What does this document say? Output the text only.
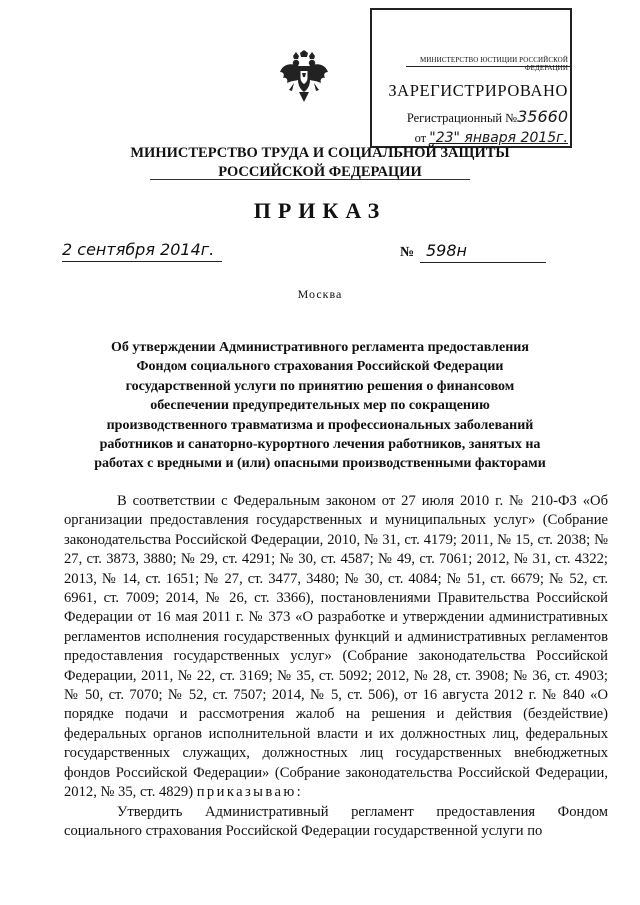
МИНИСТЕРСТВО ЮСТИЦИИ РОССИЙСКОЙ ФЕДЕРАЦИИ
ЗАРЕГИСТРИРОВАНО
Регистрационный №35660
от "23" января 2015г.
МИНИСТЕРСТВО ТРУДА И СОЦИАЛЬНОЙ ЗАЩИТЫ
РОССИЙСКОЙ ФЕДЕРАЦИИ
ПРИКАЗ
2 сентября 2014г.	№ 598н
Москва
Об утверждении Административного регламента предоставления Фондом социального страхования Российской Федерации государственной услуги по принятию решения о финансовом обеспечении предупредительных мер по сокращению производственного травматизма и профессиональных заболеваний работников и санаторно-курортного лечения работников, занятых на работах с вредными и (или) опасными производственными факторами

В соответствии с Федеральным законом от 27 июля 2010 г. № 210-ФЗ «Об организации предоставления государственных и муниципальных услуг» (Собрание законодательства Российской Федерации, 2010, № 31, ст. 4179; 2011, № 15, ст. 2038; № 27, ст. 3873, 3880; № 29, ст. 4291; № 30, ст. 4587; № 49, ст. 7061; 2012, № 31, ст. 4322; 2013, № 14, ст. 1651; № 27, ст. 3477, 3480; № 30, ст. 4084; № 51, ст. 6679; № 52, ст. 6961, ст. 7009; 2014, № 26, ст. 3366), постановлениями Правительства Российской Федерации от 16 мая 2011 г. № 373 «О разработке и утверждении административных регламентов исполнения государственных функций и административных регламентов предоставления государственных услуг» (Собрание законодательства Российской Федерации, 2011, № 22, ст. 3169; № 35, ст. 5092; 2012, № 28, ст. 3908; № 36, ст. 4903; № 50, ст. 7070; № 52, ст. 7507; 2014, № 5, ст. 506), от 16 августа 2012 г. № 840 «О порядке подачи и рассмотрения жалоб на решения и действия (бездействие) федеральных органов исполнительной власти и их должностных лиц, федеральных государственных служащих, должностных лиц государственных внебюджетных фондов Российской Федерации» (Собрание законодательства Российской Федерации, 2012, № 35, ст. 4829) приказываю:

Утвердить Административный регламент предоставления Фондом социального страхования Российской Федерации государственной услуги по
